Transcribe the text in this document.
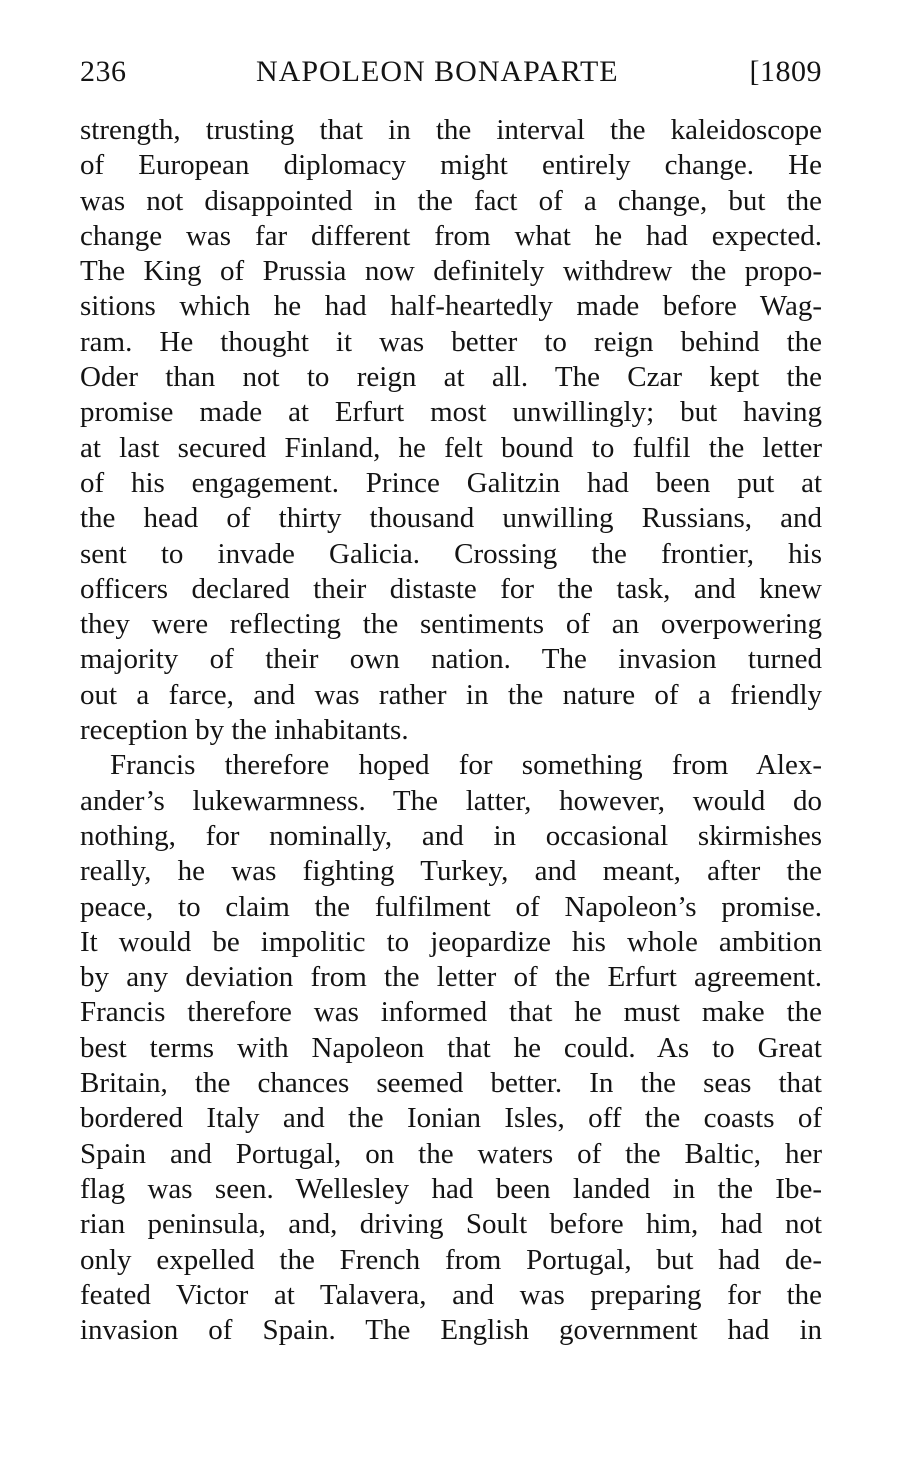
236	NAPOLEON BONAPARTE	[1809
strength, trusting that in the interval the kaleidoscope
of European diplomacy might entirely change. He
was not disappointed in the fact of a change, but the
change was far different from what he had expected.
The King of Prussia now definitely withdrew the propo-
sitions which he had half-heartedly made before Wag-
ram. He thought it was better to reign behind the
Oder than not to reign at all. The Czar kept the
promise made at Erfurt most unwillingly; but having
at last secured Finland, he felt bound to fulfil the letter
of his engagement. Prince Galitzin had been put at
the head of thirty thousand unwilling Russians, and
sent to invade Galicia. Crossing the frontier, his
officers declared their distaste for the task, and knew
they were reflecting the sentiments of an overpowering
majority of their own nation. The invasion turned
out a farce, and was rather in the nature of a friendly
reception by the inhabitants.
Francis therefore hoped for something from Alex-
ander’s lukewarmness. The latter, however, would do
nothing, for nominally, and in occasional skirmishes
really, he was fighting Turkey, and meant, after the
peace, to claim the fulfilment of Napoleon’s promise.
It would be impolitic to jeopardize his whole ambition
by any deviation from the letter of the Erfurt agreement.
Francis therefore was informed that he must make the
best terms with Napoleon that he could. As to Great
Britain, the chances seemed better. In the seas that
bordered Italy and the Ionian Isles, off the coasts of
Spain and Portugal, on the waters of the Baltic, her
flag was seen. Wellesley had been landed in the Ibe-
rian peninsula, and, driving Soult before him, had not
only expelled the French from Portugal, but had de-
feated Victor at Talavera, and was preparing for the
invasion of Spain. The English government had in
